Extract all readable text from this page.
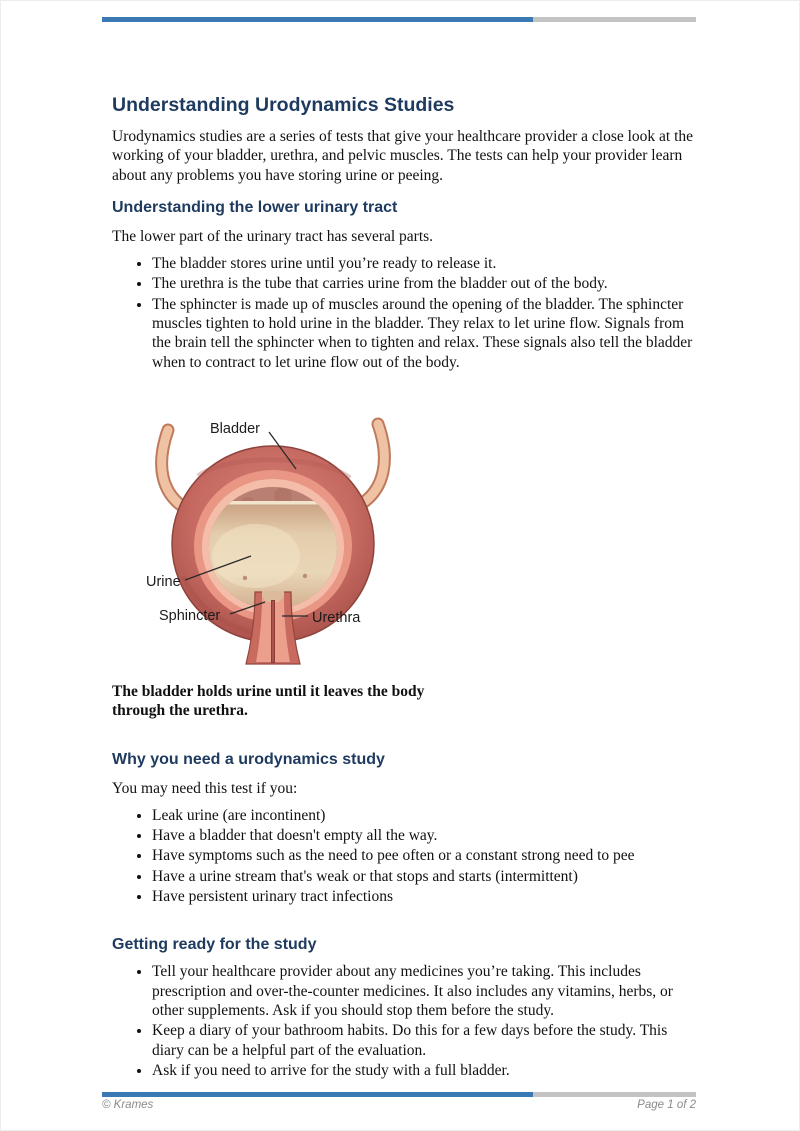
Understanding Urodynamics Studies

Urodynamics studies are a series of tests that give your healthcare provider a close look at the working of your bladder, urethra, and pelvic muscles. The tests can help your provider learn about any problems you have storing urine or peeing.

Understanding the lower urinary tract

The lower part of the urinary tract has several parts.

• The bladder stores urine until you’re ready to release it.
• The urethra is the tube that carries urine from the bladder out of the body.
• The sphincter is made up of muscles around the opening of the bladder. The sphincter muscles tighten to hold urine in the bladder. They relax to let urine flow. Signals from the brain tell the sphincter when to tighten and relax. These signals also tell the bladder when to contract to let urine flow out of the body.
Bladder
Urine
Sphincter	Urethra
The bladder holds urine until it leaves the body through the urethra.
Why you need a urodynamics study

You may need this test if you:

• Leak urine (are incontinent)
• Have a bladder that doesn't empty all the way.
• Have symptoms such as the need to pee often or a constant strong need to pee
• Have a urine stream that's weak or that stops and starts (intermittent)
• Have persistent urinary tract infections
Getting ready for the study
• Tell your healthcare provider about any medicines you’re taking. This includes prescription and over-the-counter medicines. It also includes any vitamins, herbs, or other supplements. Ask if you should stop them before the study.
• Keep a diary of your bathroom habits. Do this for a few days before the study. This diary can be a helpful part of the evaluation.
• Ask if you need to arrive for the study with a full bladder.
© Krames	Page 1 of 2
